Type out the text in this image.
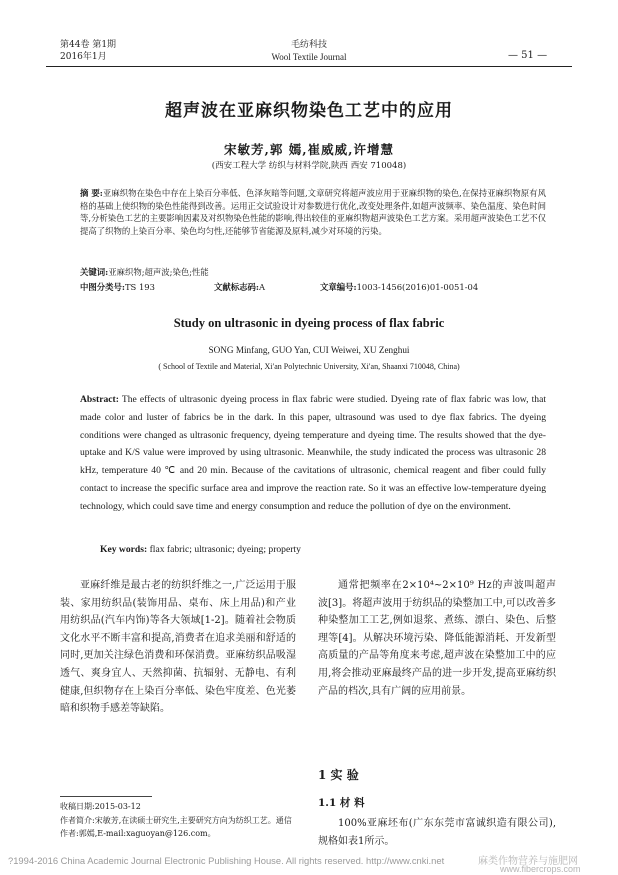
第44卷 第1期
2016年1月
毛纺科技
Wool Textile Journal	— 51 —
超声波在亚麻织物染色工艺中的应用
宋敏芳,郭 嫣,崔威威,许增慧
(西安工程大学 纺织与材料学院,陕西 西安 710048)
摘 要:亚麻织物在染色中存在上染百分率低、色泽灰暗等问题,文章研究将超声波应用于亚麻织物的染色,在保持亚麻织物原有风格的基础上使织物的染色性能得到改善。运用正交试验设计对参数进行优化,改变处理条件,如超声波频率、染色温度、染色时间等,分析染色工艺的主要影响因素及对织物染色性能的影响,得出较佳的亚麻织物超声波染色工艺方案。采用超声波染色工艺不仅提高了织物的上染百分率、染色均匀性,还能够节省能源及原料,减少对环境的污染。
关键词:亚麻织物;超声波;染色;性能
中图分类号:TS 193	文献标志码:A	文章编号:1003-1456(2016)01-0051-04
Study on ultrasonic in dyeing process of flax fabric
SONG Minfang, GUO Yan, CUI Weiwei, XU Zenghui
( School of Textile and Material, Xi′an Polytechnic University, Xi′an, Shaanxi 710048, China)
Abstract: The effects of ultrasonic dyeing process in flax fabric were studied. Dyeing rate of flax fabric was low, that made color and luster of fabrics be in the dark. In this paper, ultrasound was used to dye flax fabrics. The dyeing conditions were changed as ultrasonic frequency, dyeing temperature and dyeing time. The results showed that the dye-uptake and K/S value were improved by using ultrasonic. Meanwhile, the study indicated the process was ultrasonic 28 kHz, temperature 40 ℃ and 20 min. Because of the cavitations of ultrasonic, chemical reagent and fiber could fully contact to increase the specific surface area and improve the reaction rate. So it was an effective low-temperature dyeing technology, which could save time and energy consumption and reduce the pollution of dye on the environment.
Key words: flax fabric; ultrasonic; dyeing; property
亚麻纤维是最古老的纺织纤维之一,广泛运用于服装、家用纺织品(装饰用品、桌布、床上用品)和产业用纺织品(汽车内饰)等各大领域[1-2]。随着社会物质文化水平不断丰富和提高,消费者在追求美丽和舒适的同时,更加关注绿色消费和环保消费。亚麻纺织品吸湿透气、爽身宜人、天然抑菌、抗辐射、无静电、有利健康,但织物存在上染百分率低、染色牢度差、色光萎暗和织物手感差等缺陷。
通常把频率在2×10⁴~2×10⁹ Hz的声波叫超声波[3]。将超声波用于纺织品的染整加工中,可以改善多种染整加工工艺,例如退浆、煮练、漂白、染色、后整理等[4]。从解决环境污染、降低能源消耗、开发新型高质量的产品等角度来考虑,超声波在染整加工中的应用,将会推动亚麻最终产品的进一步开发,提高亚麻纺织产品的档次,具有广阔的应用前景。
1 实 验
1.1 材 料
100%亚麻坯布(广东东莞市富诚织造有限公司),规格如表1所示。
收稿日期:2015-03-12
作者简介:宋敏芳,在读硕士研究生,主要研究方向为纺织工艺。通信作者:郭嫣,E-mail:xaguoyan@126.com。
?1994-2016 China Academic Journal Electronic Publishing House. All rights reserved. http://www.cnki.net	麻类作物营养与施肥网
www.fibercrops.com
